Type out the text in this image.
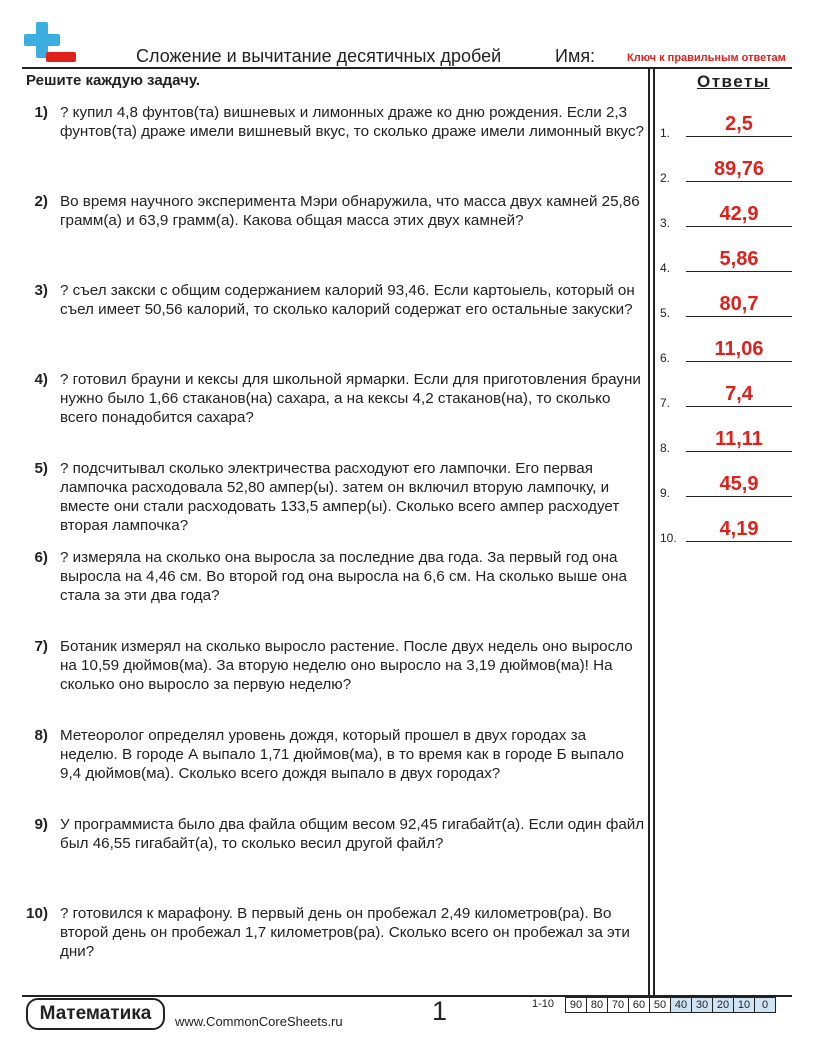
Сложение и вычитание десятичных дробей	Имя:	Ключ к правильным ответам
Решите каждую задачу.	Ответы
1) ? купил 4,8 фунтов(та) вишневых и лимонных драже ко дню рождения. Если 2,3 фунтов(та) драже имели вишневый вкус, то сколько драже имели лимонный вкус?
2) Во время научного эксперимента Мэри обнаружила, что масса двух камней 25,86 грамм(а) и 63,9 грамм(а). Какова общая масса этих двух камней?
3) ? съел закски с общим содержанием калорий 93,46. Если картоыель, который он съел имеет 50,56 калорий, то сколько калорий содержат его остальные закуски?
4) ? готовил брауни и кексы для школьной ярмарки. Если для приготовления брауни нужно было 1,66 стаканов(на) сахара, а на кексы 4,2 стаканов(на), то сколько всего понадобится сахара?
5) ? подсчитывал сколько электричества расходуют его лампочки. Его первая лампочка расходовала 52,80 ампер(ы). затем он включил вторую лампочку, и вместе они стали расходовать 133,5 ампер(ы). Сколько всего ампер расходует вторая лампочка?
6) ? измеряла на сколько она выросла за последние два года. За первый год она выросла на 4,46 см. Во второй год она выросла на 6,6 см. На сколько выше она стала за эти два года?
7) Ботаник измерял на сколько выросло растение. После двух недель оно выросло на 10,59 дюймов(ма). За вторую неделю оно выросло на 3,19 дюймов(ма)! На сколько оно выросло за первую неделю?
8) Метеоролог определял уровень дождя, который прошел в двух городах за неделю. В городе А выпало 1,71 дюймов(ма), в то время как в городе Б выпало 9,4 дюймов(ма). Сколько всего дождя выпало в двух городах?
9) У программиста было два файла общим весом 92,45 гигабайт(а). Если один файл был 46,55 гигабайт(а), то сколько весил другой файл?
10) ? готовился к марафону. В первый день он пробежал 2,49 километров(ра). Во второй день он пробежал 1,7 километров(ра). Сколько всего он пробежал за эти дни?
1.	2,5
2.	89,76
3.	42,9
4.	5,86
5.	80,7
6.	11,06
7.	7,4
8.	11,11
9.	45,9
10.	4,19
Математика	www.CommonCoreSheets.ru	1	1-10 90	80	70	60	50	40	30	20	10	0
